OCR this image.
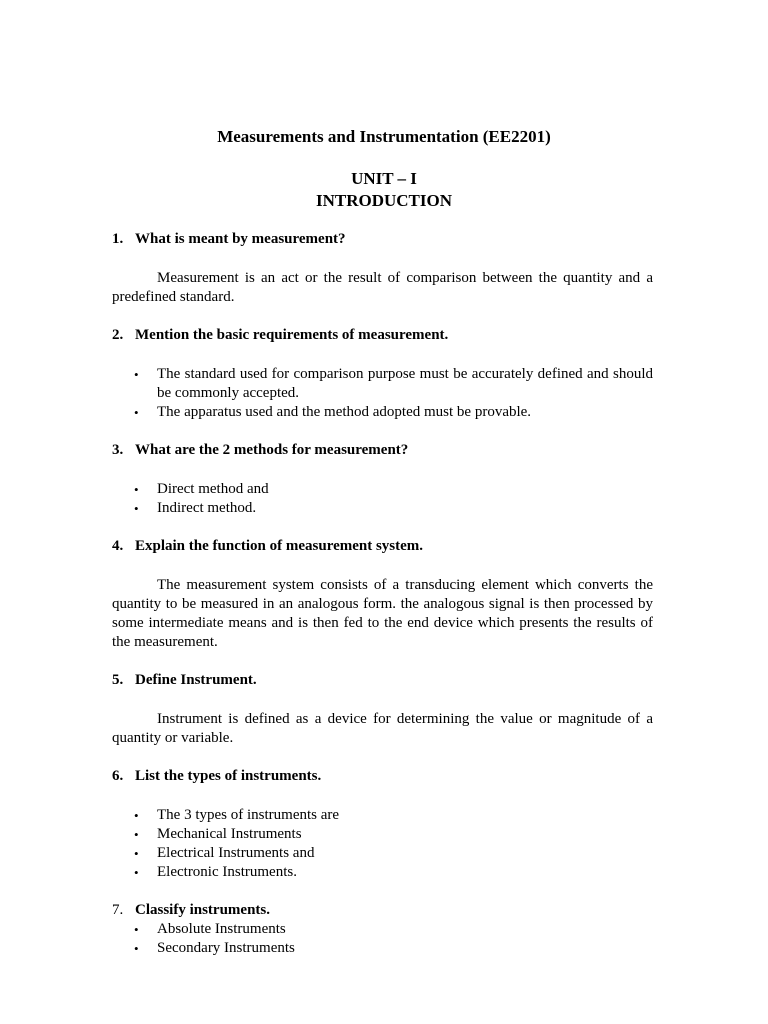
Measurements and Instrumentation (EE2201)
UNIT – I
INTRODUCTION
1. What is meant by measurement?

Measurement is an act or the result of comparison between the quantity and a predefined standard.

2. Mention the basic requirements of measurement.
• The standard used for comparison purpose must be accurately defined and should be commonly accepted.
• The apparatus used and the method adopted must be provable.
3. What are the 2 methods for measurement?
• Direct method and
• Indirect method.
4. Explain the function of measurement system.

The measurement system consists of a transducing element which converts the quantity to be measured in an analogous form. the analogous signal is then processed by some intermediate means and is then fed to the end device which presents the results of the measurement.

5. Define Instrument.

Instrument is defined as a device for determining the value or magnitude of a quantity or variable.

6. List the types of instruments.
• The 3 types of instruments are
• Mechanical Instruments
• Electrical Instruments and
• Electronic Instruments.
7. Classify instruments.
• Absolute Instruments
• Secondary Instruments
